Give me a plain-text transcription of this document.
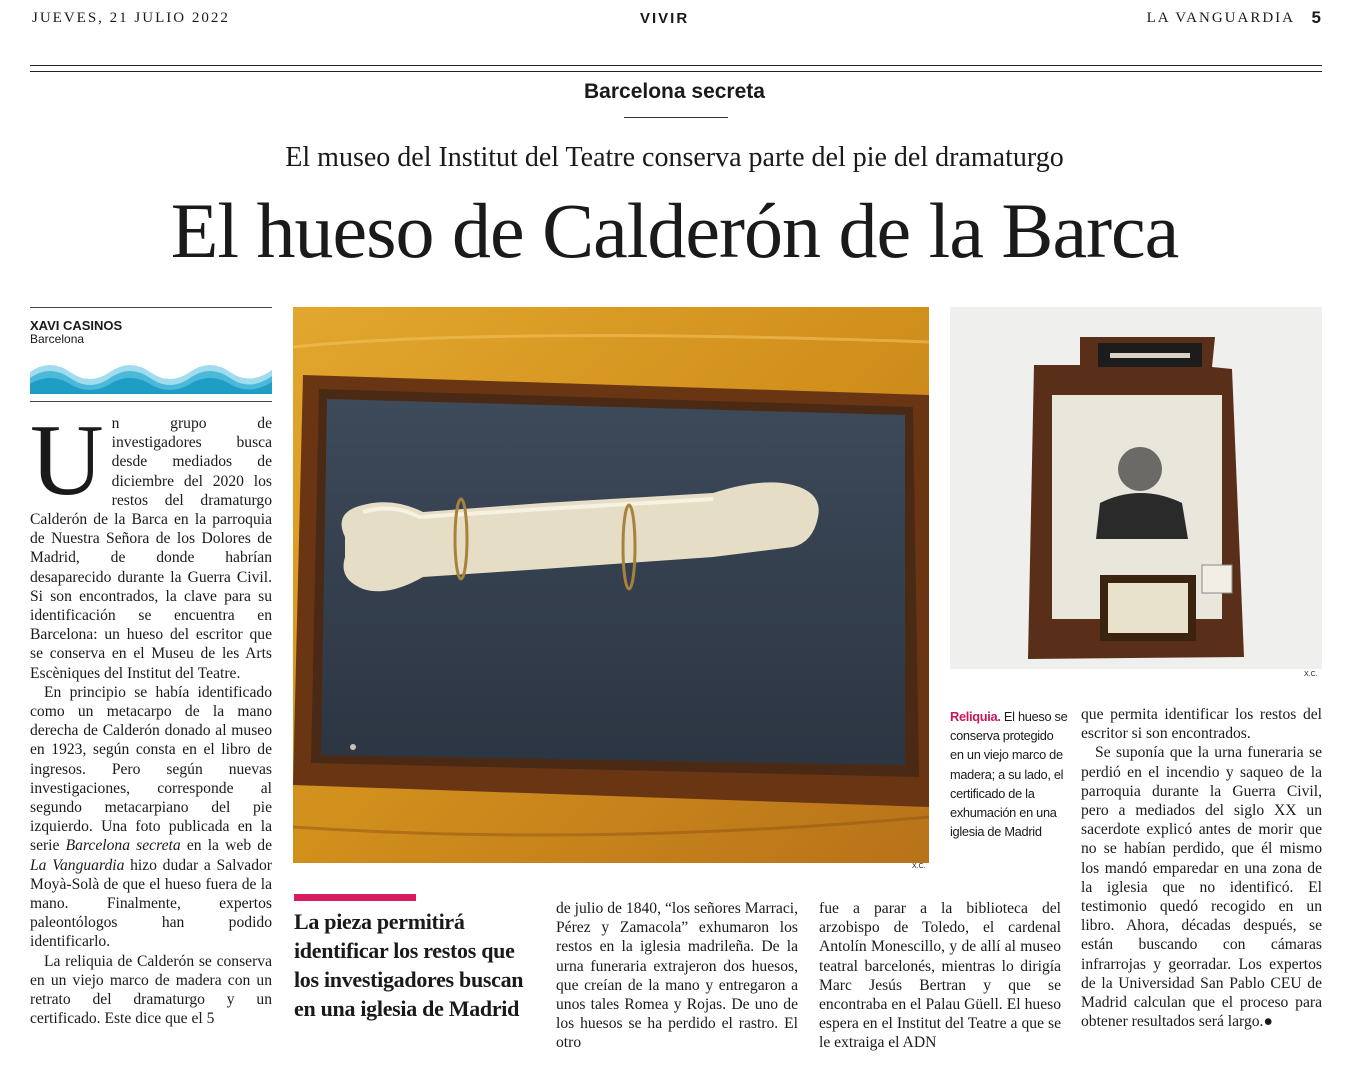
JUEVES, 21 JULIO 2022	VIVIR	LA VANGUARDIA 5
Barcelona secreta
El museo del Institut del Teatre conserva parte del pie del dramaturgo
El hueso de Calderón de la Barca
XAVI CASINOS
Barcelona

Un grupo de investigadores busca desde mediados de diciembre del 2020 los restos del dramaturgo Calderón de la Barca en la parroquia de Nuestra Señora de los Dolores de Madrid, de donde habrían desaparecido durante la Guerra Civil. Si son encontrados, la clave para su identificación se encuentra en Barcelona: un hueso del escritor que se conserva en el Museu de les Arts Escèniques del Institut del Teatre.

En principio se había identificado como un metacarpo de la mano derecha de Calderón donado al museo en 1923, según consta en el libro de ingresos. Pero según nuevas investigaciones, corresponde al segundo metacarpiano del pie izquierdo. Una foto publicada en la serie Barcelona secreta en la web de La Vanguardia hizo dudar a Salvador Moyà-Solà de que el hueso fuera de la mano. Finalmente, expertos paleontólogos han podido identificarlo.

La reliquia de Calderón se conserva en un viejo marco de madera con un retrato del dramaturgo y un certificado. Este dice que el 5

X.C.
X.C.
Reliquia. El hueso se conserva protegido en un viejo marco de madera; a su lado, el certificado de la exhumación en una iglesia de Madrid

que permita identificar los restos del escritor si son encontrados.

Se suponía que la urna funeraria se perdió en el incendio y saqueo de la parroquia durante la Guerra Civil, pero a mediados del siglo XX un sacerdote explicó antes de morir que no se habían perdido, que él mismo los mandó emparedar en una zona de la iglesia que no identificó. El testimonio quedó recogido en un libro. Ahora, décadas después, se están buscando con cámaras infrarrojas y georradar. Los expertos de la Universidad San Pablo CEU de Madrid calculan que el proceso para obtener resultados será largo.●

La pieza permitirá identificar los restos que los investigadores buscan en una iglesia de Madrid

de julio de 1840, “los señores Marraci, Pérez y Zamacola” exhumaron los restos en la iglesia madrileña. De la urna funeraria extrajeron dos huesos, que creían de la mano y entregaron a unos tales Romea y Rojas. De uno de los huesos se ha perdido el rastro. El otro

fue a parar a la biblioteca del arzobispo de Toledo, el cardenal Antolín Monescillo, y de allí al museo teatral barcelonés, mientras lo dirigía Marc Jesús Bertran y que se encontraba en el Palau Güell. El hueso espera en el Institut del Teatre a que se le extraiga el ADN
